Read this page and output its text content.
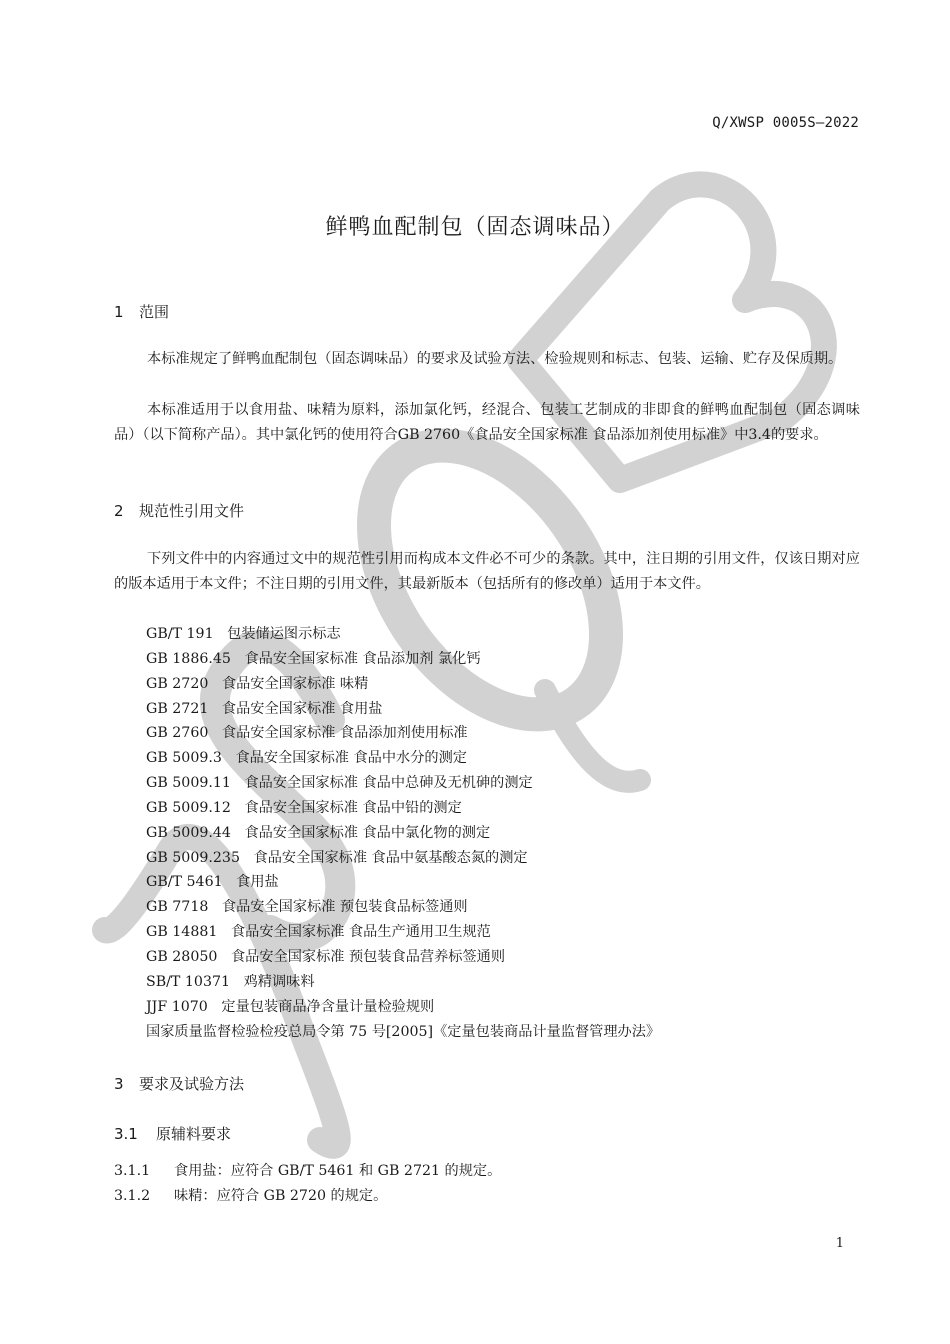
Q/XWSP 0005S—2022
鲜鸭血配制包（固态调味品）
1 范围

本标准规定了鲜鸭血配制包（固态调味品）的要求及试验方法、检验规则和标志、包装、运输、贮存及保质期。

本标准适用于以食用盐、味精为原料，添加氯化钙，经混合、包装工艺制成的非即食的鲜鸭血配制包（固态调味品）（以下简称产品）。其中氯化钙的使用符合GB 2760《食品安全国家标准 食品添加剂使用标准》中3.4的要求。

2 规范性引用文件

下列文件中的内容通过文中的规范性引用而构成本文件必不可少的条款。其中，注日期的引用文件，仅该日期对应的版本适用于本文件；不注日期的引用文件，其最新版本（包括所有的修改单）适用于本文件。

GB/T 191 包装储运图示标志
GB 1886.45 食品安全国家标准 食品添加剂 氯化钙
GB 2720 食品安全国家标准 味精
GB 2721 食品安全国家标准 食用盐
GB 2760 食品安全国家标准 食品添加剂使用标准
GB 5009.3 食品安全国家标准 食品中水分的测定
GB 5009.11 食品安全国家标准 食品中总砷及无机砷的测定
GB 5009.12 食品安全国家标准 食品中铅的测定
GB 5009.44 食品安全国家标准 食品中氯化物的测定
GB 5009.235 食品安全国家标准 食品中氨基酸态氮的测定
GB/T 5461 食用盐
GB 7718 食品安全国家标准 预包装食品标签通则
GB 14881 食品安全国家标准 食品生产通用卫生规范
GB 28050 食品安全国家标准 预包装食品营养标签通则
SB/T 10371 鸡精调味料
JJF 1070 定量包装商品净含量计量检验规则
国家质量监督检验检疫总局令第 75 号[2005]《定量包装商品计量监督管理办法》
3 要求及试验方法
3.1 原辅料要求
3.1.1 食用盐：应符合 GB/T 5461 和 GB 2721 的规定。
3.1.2 味精：应符合 GB 2720 的规定。
1
